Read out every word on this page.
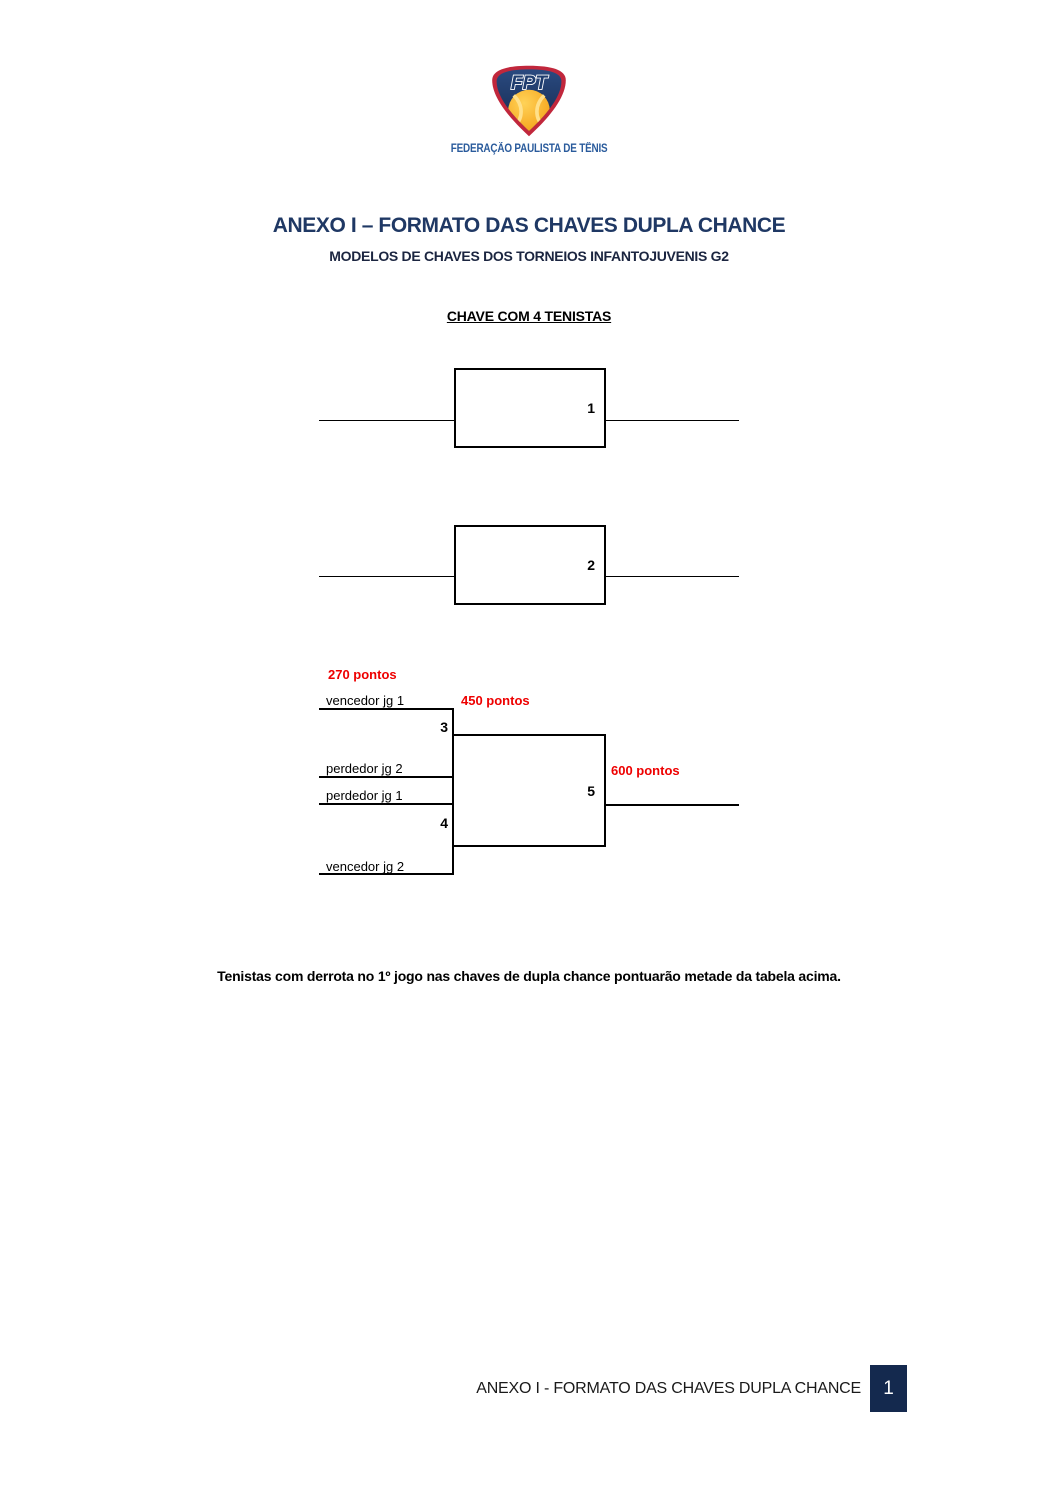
FPT
FEDERAÇÃO PAULISTA DE TÊNIS
ANEXO I – FORMATO DAS CHAVES DUPLA CHANCE
MODELOS DE CHAVES DOS TORNEIOS INFANTOJUVENIS G2
CHAVE COM 4 TENISTAS
1
2
270 pontos
vencedor jg 1	450 pontos
3
perdedor jg 2
perdedor jg 1
4
vencedor jg 2
5
600 pontos
Tenistas com derrota no 1º jogo nas chaves de dupla chance pontuarão metade da tabela acima.
ANEXO I - FORMATO DAS CHAVES DUPLA CHANCE	1
